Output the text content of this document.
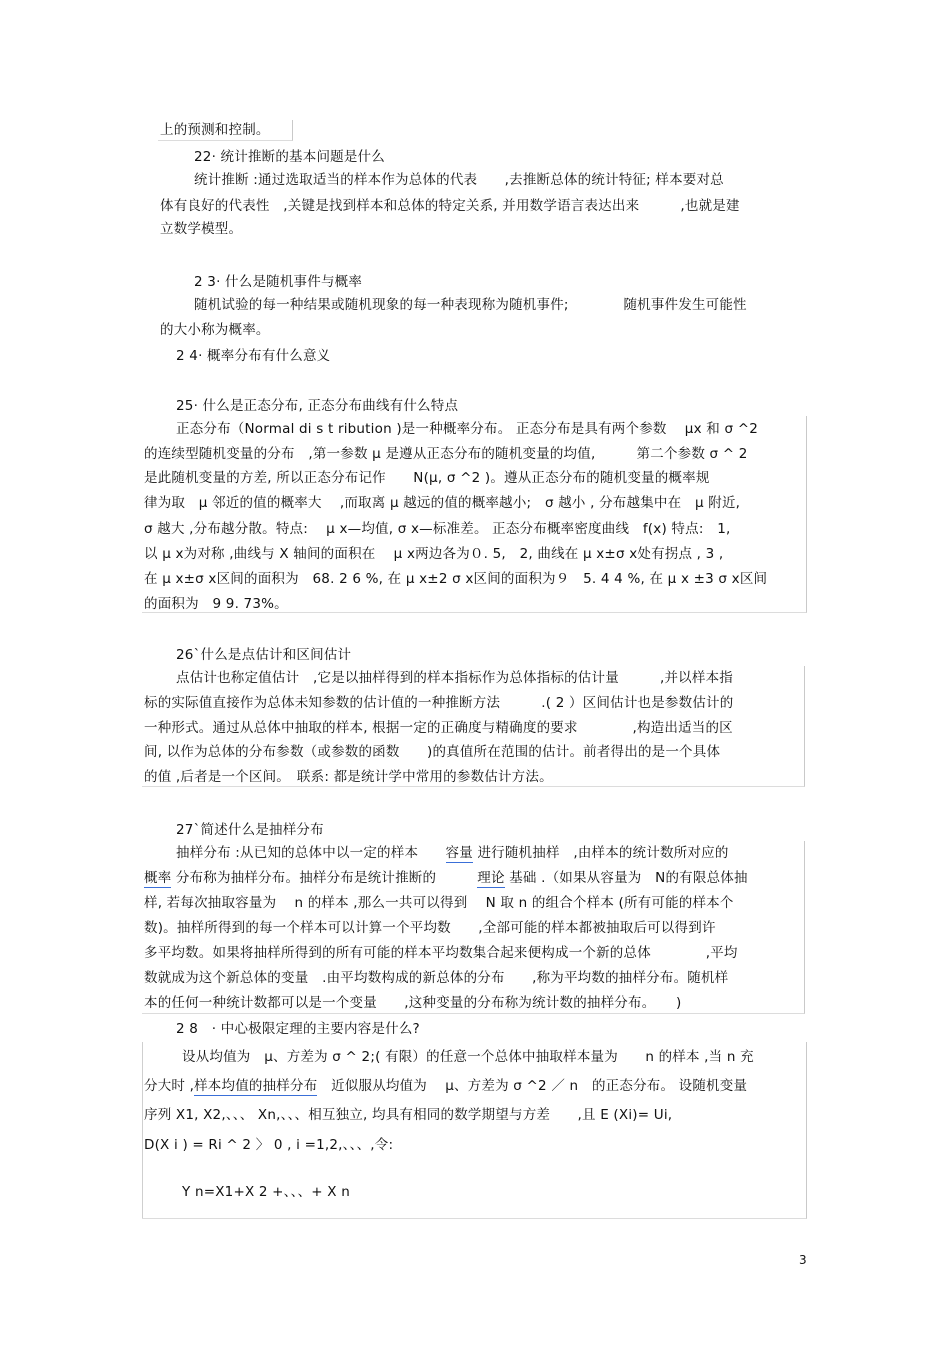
上的预测和控制。
22· 统计推断的基本问题是什么
统计推断 :通过选取适当的样本作为总体的代表　　,去推断总体的统计特征; 样本要对总
体有良好的代表性　,关键是找到样本和总体的特定关系, 并用数学语言表达出来　　　,也就是建
立数学模型。
2 3· 什么是随机事件与概率
随机试验的每一种结果或随机现象的每一种表现称为随机事件;　　　　随机事件发生可能性
的大小称为概率。
2 4· 概率分布有什么意义
25· 什么是正态分布, 正态分布曲线有什么特点
正态分布（Normal di s t ribution )是一种概率分布。 正态分布是具有两个参数　 μx 和 σ ^2
的连续型随机变量的分布　,第一参数 μ 是遵从正态分布的随机变量的均值,　　　第二个参数 σ ^ 2
是此随机变量的方差, 所以正态分布记作　　N(μ, σ ^2 )。遵从正态分布的随机变量的概率规
律为取　μ 邻近的值的概率大　 ,而取离 μ 越远的值的概率越小;　σ 越小 , 分布越集中在　μ 附近,
σ 越大 ,分布越分散。特点:　 μ x—均值, σ x—标准差。 正态分布概率密度曲线　f(x) 特点:　1,
以 μ x为对称 ,曲线与 X 轴间的面积在　 μ x两边各为０. 5,　2, 曲线在 μ x±σ x处有拐点 , 3 ,
在 μ x±σ x区间的面积为　68. 2 6 %, 在 μ x±2 σ x区间的面积为９　5. 4 4 %, 在 μ x ±3 σ x区间
的面积为　9 9. 73%。
26`什么是点估计和区间估计
点估计也称定值估计　,它是以抽样得到的样本指标作为总体指标的估计量　　　,并以样本指
标的实际值直接作为总体未知参数的估计值的一种推断方法　　　.( 2 ）区间估计也是参数估计的
一种形式。通过从总体中抽取的样本, 根据一定的正确度与精确度的要求　　　　,构造出适当的区
间, 以作为总体的分布参数（或参数的函数　　)的真值所在范围的估计。前者得出的是一个具体
的值 ,后者是一个区间。　联系: 都是统计学中常用的参数估计方法。
27`简述什么是抽样分布
抽样分布 :从已知的总体中以一定的样本　　容量 进行随机抽样　,由样本的统计数所对应的
概率 分布称为抽样分布。抽样分布是统计推断的　　　理论 基础 .（如果从容量为　N的有限总体抽
样, 若每次抽取容量为　 n 的样本 ,那么一共可以得到　 N 取 n 的组合个样本 (所有可能的样本个
数)。抽样所得到的每一个样本可以计算一个平均数　　,全部可能的样本都被抽取后可以得到许
多平均数。如果将抽样所得到的所有可能的样本平均数集合起来便构成一个新的总体　　　　,平均
数就成为这个新总体的变量　.由平均数构成的新总体的分布　　,称为平均数的抽样分布。随机样
本的任何一种统计数都可以是一个变量　　,这种变量的分布称为统计数的抽样分布。　　)
2 8　· 中心极限定理的主要内容是什么?
设从均值为　μ、方差为 σ ^ 2;( 有限）的任意一个总体中抽取样本量为　　n 的样本 ,当 n 充
分大时 ,样本均值的抽样分布　近似服从均值为　 μ、方差为 σ ^2 ／ n　的正态分布。 设随机变量
序列 X1, X2,、、、 Xn,、、、相互独立, 均具有相同的数学期望与方差　　,且 E (Xi)= Ui,
D(X i ) = Ri ^ 2 〉 0 , i =1,2,、、、,令:
Y n=X1+X 2 +、、、+ X n
3
